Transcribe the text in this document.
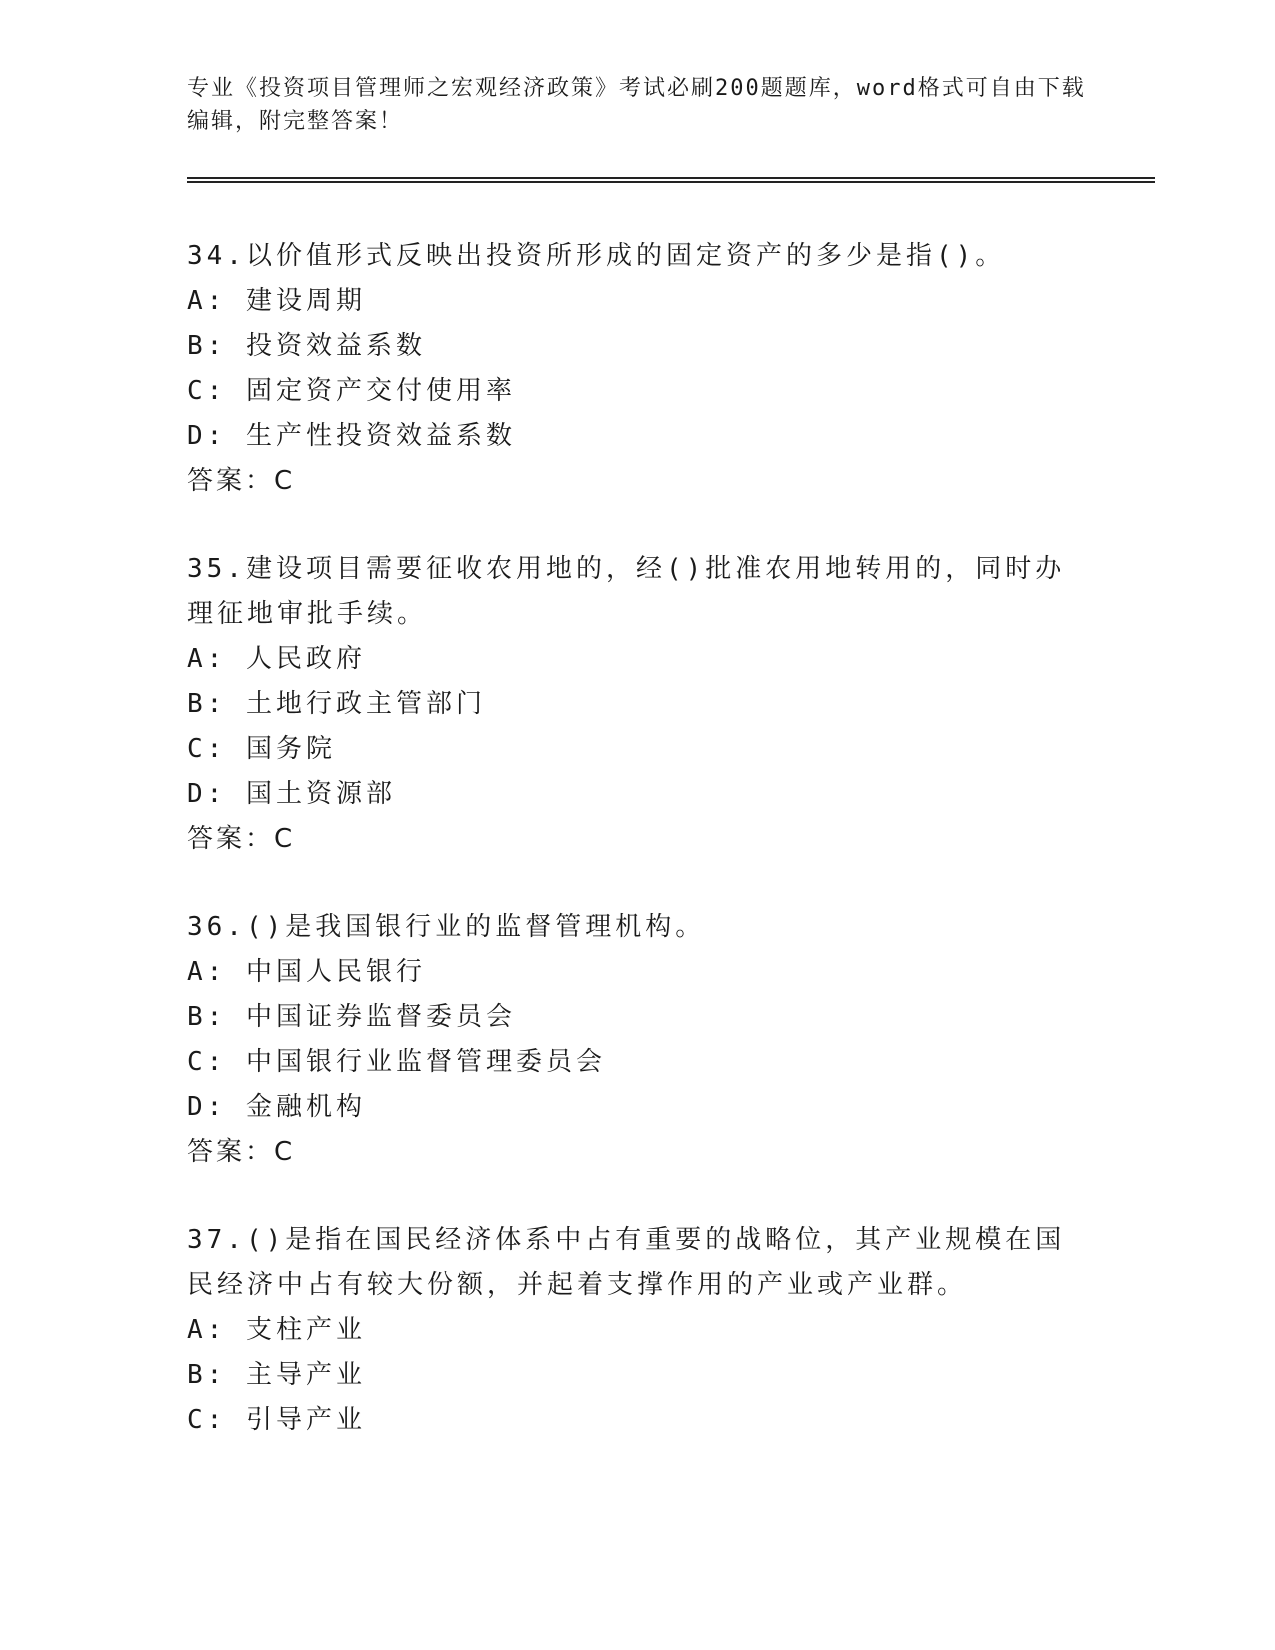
专业《投资项目管理师之宏观经济政策》考试必刷200题题库，word格式可自由下载编辑，附完整答案！

34.以价值形式反映出投资所形成的固定资产的多少是指()。

A: 建设周期

B: 投资效益系数

C: 固定资产交付使用率

D: 生产性投资效益系数

答案：C

35.建设项目需要征收农用地的，经()批准农用地转用的，同时办理征地审批手续。

A: 人民政府

B: 土地行政主管部门

C: 国务院

D: 国土资源部

答案：C

36.()是我国银行业的监督管理机构。

A: 中国人民银行

B: 中国证券监督委员会

C: 中国银行业监督管理委员会

D: 金融机构

答案：C

37.()是指在国民经济体系中占有重要的战略位，其产业规模在国民经济中占有较大份额，并起着支撑作用的产业或产业群。

A: 支柱产业

B: 主导产业

C: 引导产业
